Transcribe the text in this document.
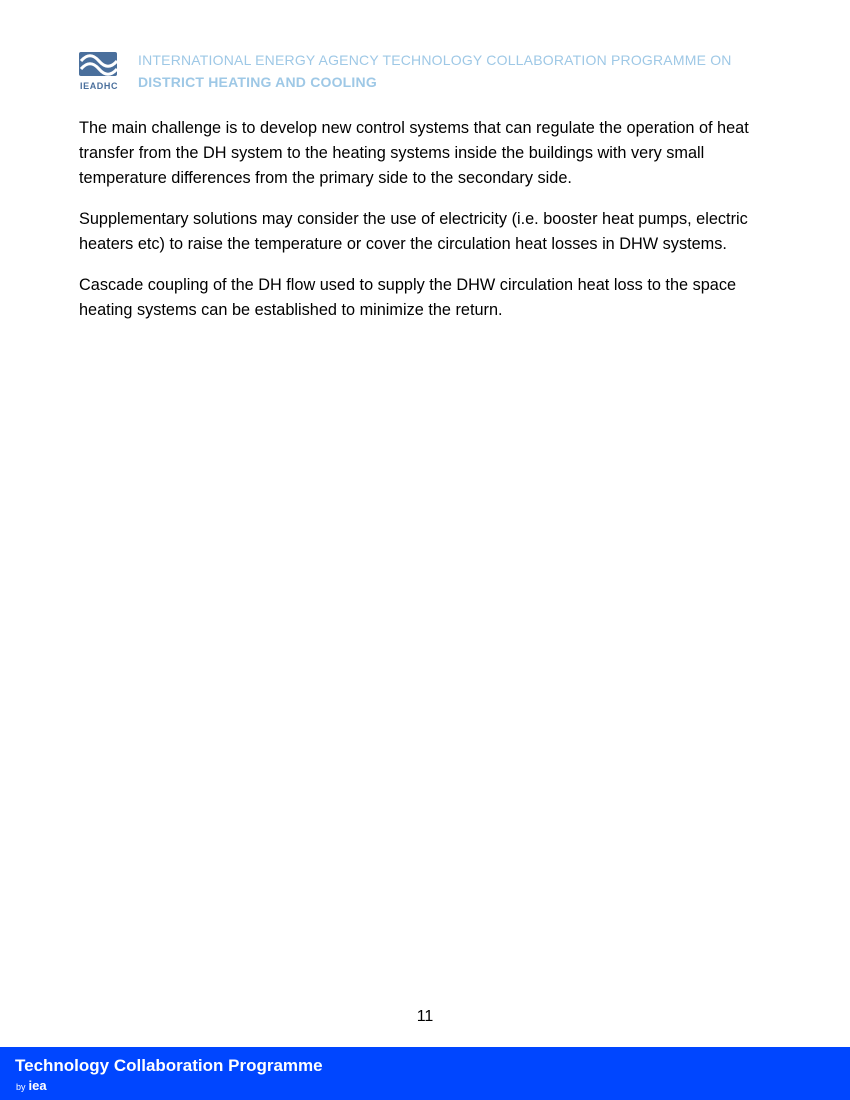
IEADHC
INTERNATIONAL ENERGY AGENCY TECHNOLOGY COLLABORATION PROGRAMME ON
DISTRICT HEATING AND COOLING

The main challenge is to develop new control systems that can regulate the operation of heat transfer from the DH system to the heating systems inside the buildings with very small temperature differences from the primary side to the secondary side.

Supplementary solutions may consider the use of electricity (i.e. booster heat pumps, electric heaters etc) to raise the temperature or cover the circulation heat losses in DHW systems.

Cascade coupling of the DH flow used to supply the DHW circulation heat loss to the space heating systems can be established to minimize the return.

11
Technology Collaboration Programme
by iea
